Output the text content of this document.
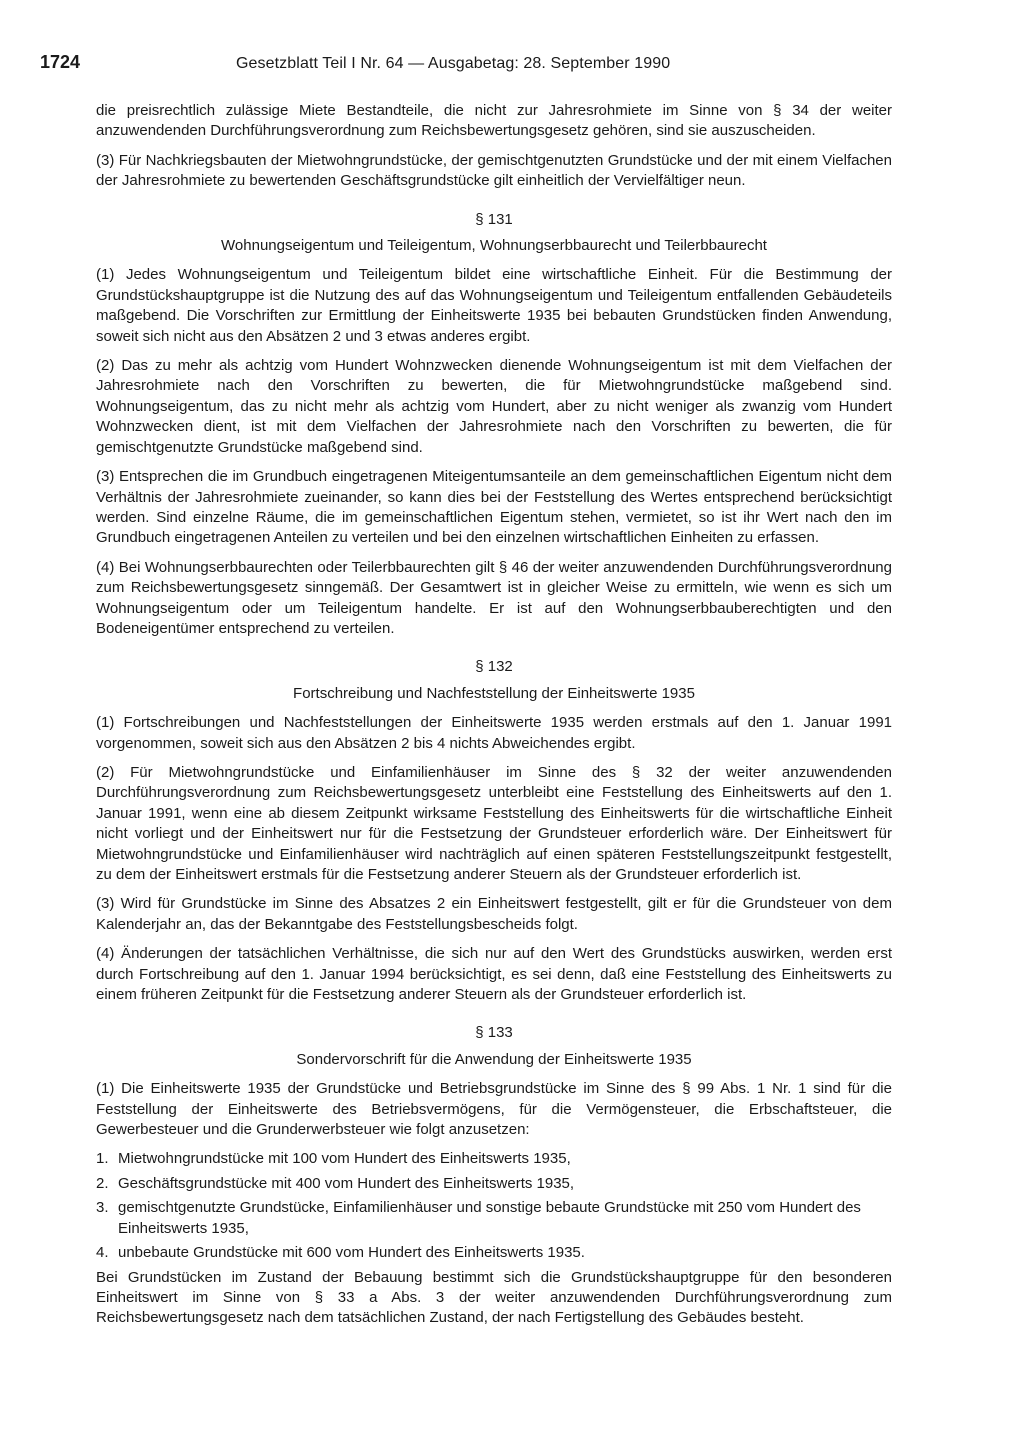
1724	Gesetzblatt Teil I Nr. 64 — Ausgabetag: 28. September 1990

die preisrechtlich zulässige Miete Bestandteile, die nicht zur Jahresrohmiete im Sinne von § 34 der weiter anzuwendenden Durchführungsverordnung zum Reichsbewertungsgesetz gehören, sind sie auszuscheiden.

(3) Für Nachkriegsbauten der Mietwohngrundstücke, der gemischtgenutzten Grundstücke und der mit einem Vielfachen der Jahresrohmiete zu bewertenden Geschäftsgrundstücke gilt einheitlich der Vervielfältiger neun.

§ 131

Wohnungseigentum und Teileigentum, Wohnungserbbaurecht und Teilerbbaurecht

(1) Jedes Wohnungseigentum und Teileigentum bildet eine wirtschaftliche Einheit. Für die Bestimmung der Grundstückshauptgruppe ist die Nutzung des auf das Wohnungseigentum und Teileigentum entfallenden Gebäudeteils maßgebend. Die Vorschriften zur Ermittlung der Einheitswerte 1935 bei bebauten Grundstücken finden Anwendung, soweit sich nicht aus den Absätzen 2 und 3 etwas anderes ergibt.

(2) Das zu mehr als achtzig vom Hundert Wohnzwecken dienende Wohnungseigentum ist mit dem Vielfachen der Jahresrohmiete nach den Vorschriften zu bewerten, die für Mietwohngrundstücke maßgebend sind. Wohnungseigentum, das zu nicht mehr als achtzig vom Hundert, aber zu nicht weniger als zwanzig vom Hundert Wohnzwecken dient, ist mit dem Vielfachen der Jahresrohmiete nach den Vorschriften zu bewerten, die für gemischtgenutzte Grundstücke maßgebend sind.

(3) Entsprechen die im Grundbuch eingetragenen Miteigentumsanteile an dem gemeinschaftlichen Eigentum nicht dem Verhältnis der Jahresrohmiete zueinander, so kann dies bei der Feststellung des Wertes entsprechend berücksichtigt werden. Sind einzelne Räume, die im gemeinschaftlichen Eigentum stehen, vermietet, so ist ihr Wert nach den im Grundbuch eingetragenen Anteilen zu verteilen und bei den einzelnen wirtschaftlichen Einheiten zu erfassen.

(4) Bei Wohnungserbbaurechten oder Teilerbbaurechten gilt § 46 der weiter anzuwendenden Durchführungsverordnung zum Reichsbewertungsgesetz sinngemäß. Der Gesamtwert ist in gleicher Weise zu ermitteln, wie wenn es sich um Wohnungseigentum oder um Teileigentum handelte. Er ist auf den Wohnungserbbauberechtigten und den Bodeneigentümer entsprechend zu verteilen.

§ 132

Fortschreibung und Nachfeststellung der Einheitswerte 1935

(1) Fortschreibungen und Nachfeststellungen der Einheitswerte 1935 werden erstmals auf den 1. Januar 1991 vorgenommen, soweit sich aus den Absätzen 2 bis 4 nichts Abweichendes ergibt.

(2) Für Mietwohngrundstücke und Einfamilienhäuser im Sinne des § 32 der weiter anzuwendenden Durchführungsverordnung zum Reichsbewertungsgesetz unterbleibt eine Feststellung des Einheitswerts auf den 1. Januar 1991, wenn eine ab diesem Zeitpunkt wirksame Feststellung des Einheitswerts für die wirtschaftliche Einheit nicht vorliegt und der Einheitswert nur für die Festsetzung der Grundsteuer erforderlich wäre. Der Einheitswert für Mietwohngrundstücke und Einfamilienhäuser wird nachträglich auf einen späteren Feststellungszeitpunkt festgestellt, zu dem der Einheitswert erstmals für die Festsetzung anderer Steuern als der Grundsteuer erforderlich ist.

(3) Wird für Grundstücke im Sinne des Absatzes 2 ein Einheitswert festgestellt, gilt er für die Grundsteuer von dem Kalenderjahr an, das der Bekanntgabe des Feststellungsbescheids folgt.

(4) Änderungen der tatsächlichen Verhältnisse, die sich nur auf den Wert des Grundstücks auswirken, werden erst durch Fortschreibung auf den 1. Januar 1994 berücksichtigt, es sei denn, daß eine Feststellung des Einheitswerts zu einem früheren Zeitpunkt für die Festsetzung anderer Steuern als der Grundsteuer erforderlich ist.

§ 133

Sondervorschrift für die Anwendung der Einheitswerte 1935

(1) Die Einheitswerte 1935 der Grundstücke und Betriebsgrundstücke im Sinne des § 99 Abs. 1 Nr. 1 sind für die Feststellung der Einheitswerte des Betriebsvermögens, für die Vermögensteuer, die Erbschaftsteuer, die Gewerbesteuer und die Grunderwerbsteuer wie folgt anzusetzen:

1. Mietwohngrundstücke mit 100 vom Hundert des Einheitswerts 1935,
2. Geschäftsgrundstücke mit 400 vom Hundert des Einheitswerts 1935,
3. gemischtgenutzte Grundstücke, Einfamilienhäuser und sonstige bebaute Grundstücke mit 250 vom Hundert des Einheitswerts 1935,
4. unbebaute Grundstücke mit 600 vom Hundert des Einheitswerts 1935.

Bei Grundstücken im Zustand der Bebauung bestimmt sich die Grundstückshauptgruppe für den besonderen Einheitswert im Sinne von § 33 a Abs. 3 der weiter anzuwendenden Durchführungsverordnung zum Reichsbewertungsgesetz nach dem tatsächlichen Zustand, der nach Fertigstellung des Gebäudes besteht.
